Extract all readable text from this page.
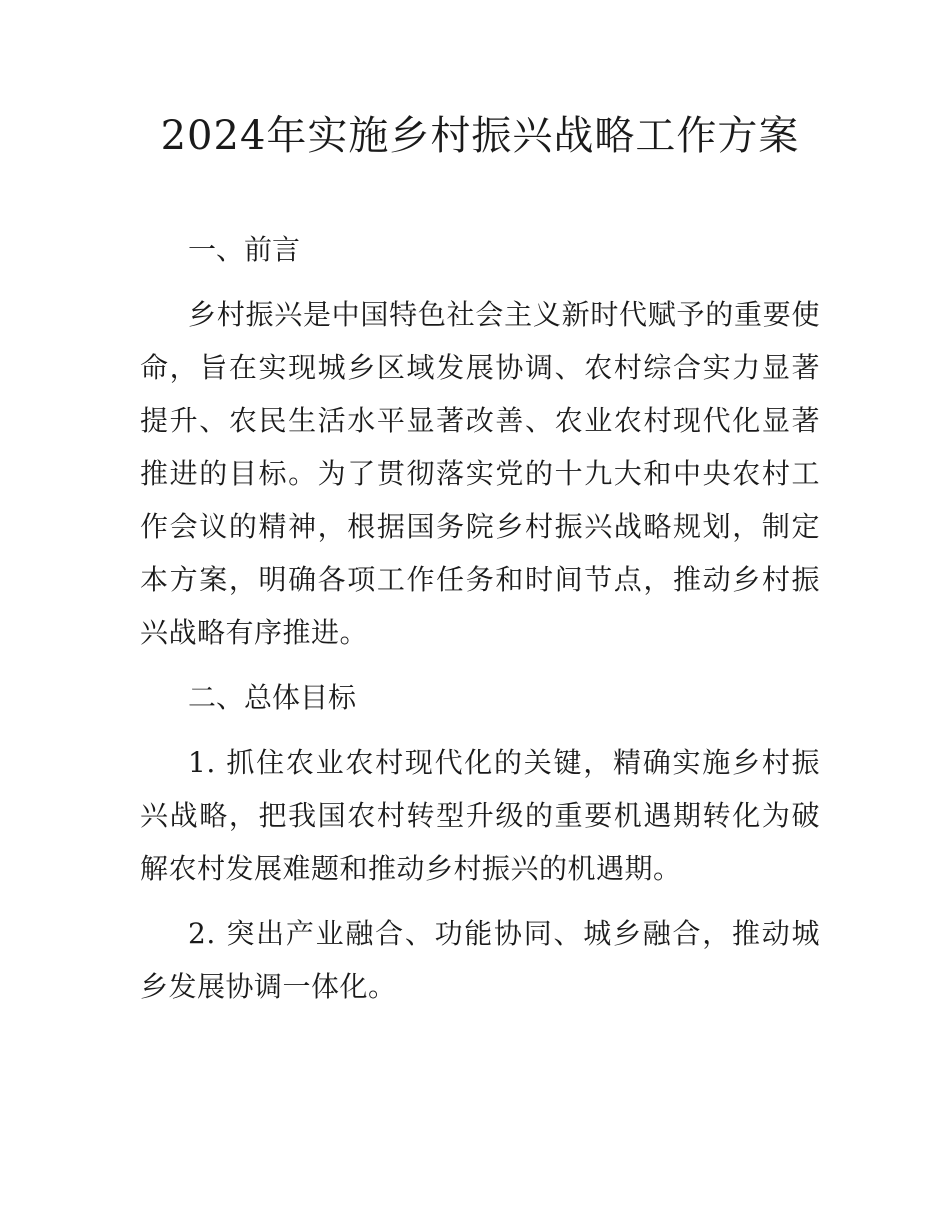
2024年实施乡村振兴战略工作方案

一、前言

乡村振兴是中国特色社会主义新时代赋予的重要使命，旨在实现城乡区域发展协调、农村综合实力显著提升、农民生活水平显著改善、农业农村现代化显著推进的目标。为了贯彻落实党的十九大和中央农村工作会议的精神，根据国务院乡村振兴战略规划，制定本方案，明确各项工作任务和时间节点，推动乡村振兴战略有序推进。

二、总体目标

1. 抓住农业农村现代化的关键，精确实施乡村振兴战略，把我国农村转型升级的重要机遇期转化为破解农村发展难题和推动乡村振兴的机遇期。

2. 突出产业融合、功能协同、城乡融合，推动城乡发展协调一体化。
